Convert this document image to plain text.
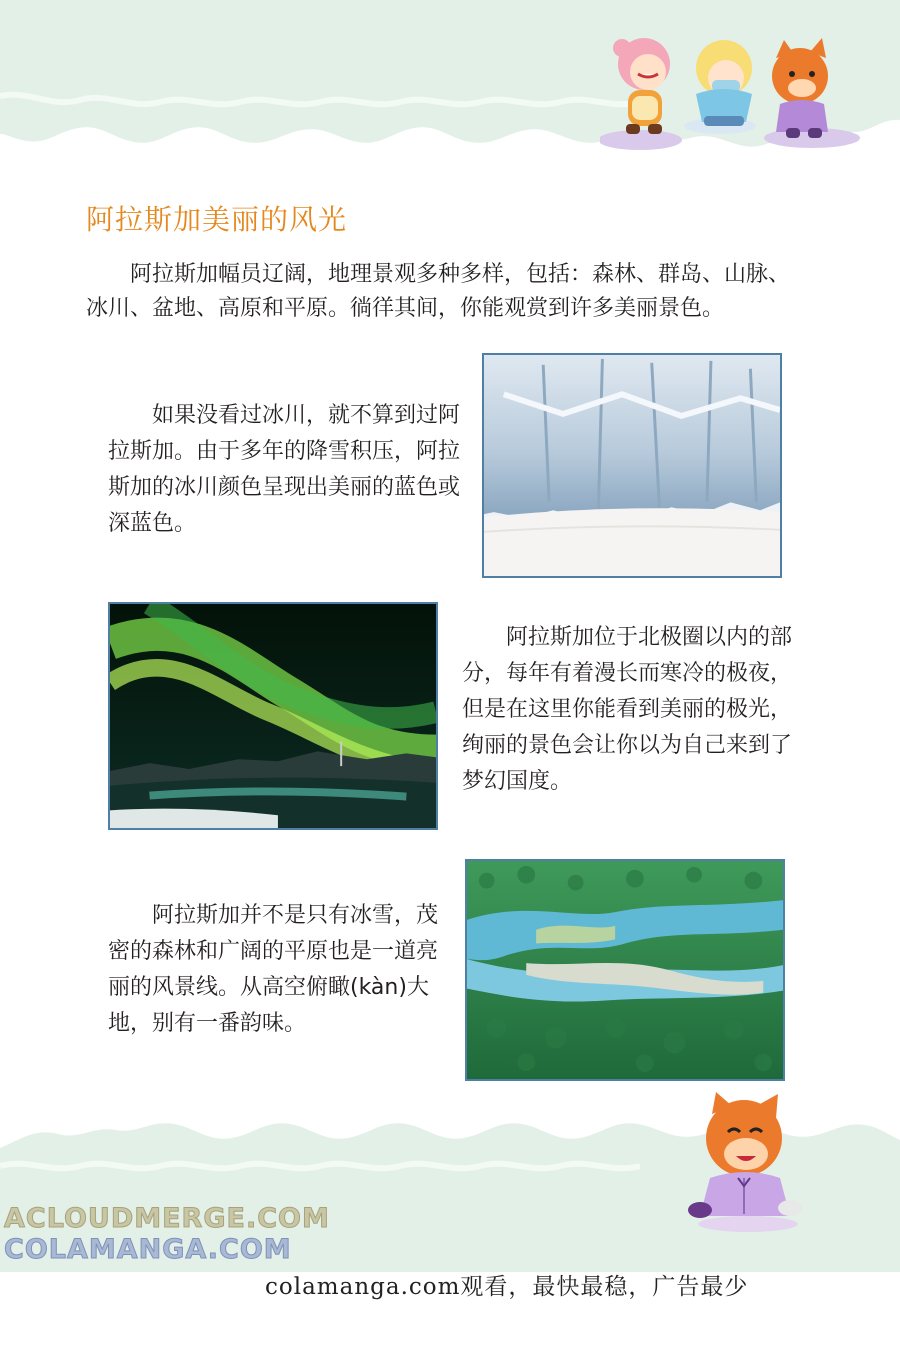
阿拉斯加美丽的风光

阿拉斯加幅员辽阔，地理景观多种多样，包括：森林、群岛、山脉、冰川、盆地、高原和平原。徜徉其间，你能观赏到许多美丽景色。

如果没看过冰川，就不算到过阿拉斯加。由于多年的降雪积压，阿拉斯加的冰川颜色呈现出美丽的蓝色或深蓝色。

阿拉斯加位于北极圈以内的部分，每年有着漫长而寒冷的极夜，但是在这里你能看到美丽的极光，绚丽的景色会让你以为自己来到了梦幻国度。

阿拉斯加并不是只有冰雪，茂密的森林和广阔的平原也是一道亮丽的风景线。从高空俯瞰(kàn)大地，别有一番韵味。

ACLOUDMERGE.COM

COLAMANGA.COM

colamanga.com观看，最快最稳，广告最少
